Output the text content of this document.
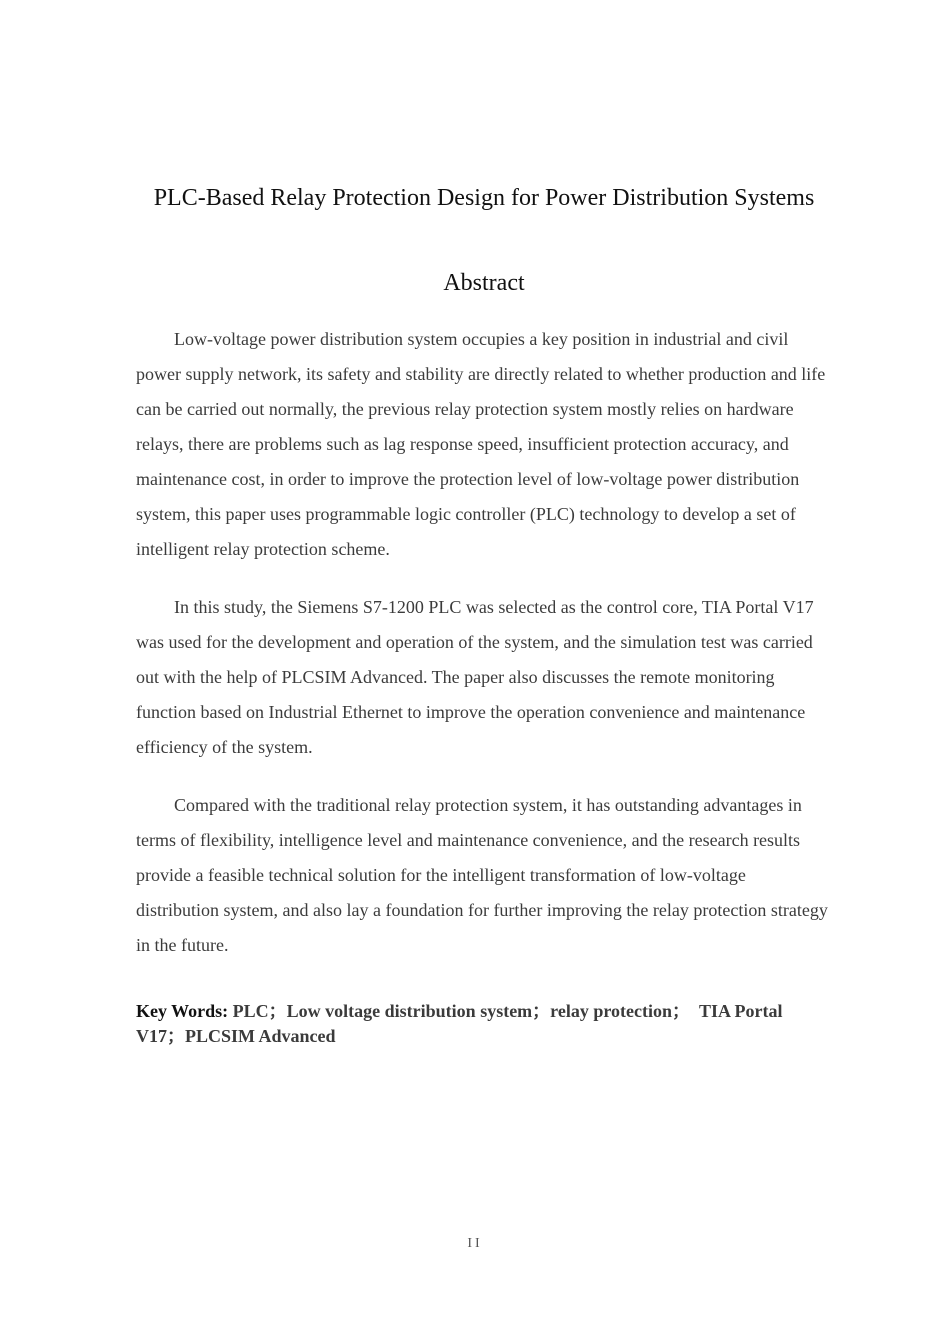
PLC-Based Relay Protection Design for Power Distribution Systems
Abstract

Low-voltage power distribution system occupies a key position in industrial and civil power supply network, its safety and stability are directly related to whether production and life can be carried out normally, the previous relay protection system mostly relies on hardware relays, there are problems such as lag response speed, insufficient protection accuracy, and maintenance cost, in order to improve the protection level of low-voltage power distribution system, this paper uses programmable logic controller (PLC) technology to develop a set of intelligent relay protection scheme.

In this study, the Siemens S7-1200 PLC was selected as the control core, TIA Portal V17 was used for the development and operation of the system, and the simulation test was carried out with the help of PLCSIM Advanced. The paper also discusses the remote monitoring function based on Industrial Ethernet to improve the operation convenience and maintenance efficiency of the system.

Compared with the traditional relay protection system, it has outstanding advantages in terms of flexibility, intelligence level and maintenance convenience, and the research results provide a feasible technical solution for the intelligent transformation of low-voltage distribution system, and also lay a foundation for further improving the relay protection strategy in the future.

Key Words: PLC；Low voltage distribution system；relay protection；　TIA Portal V17；PLCSIM Advanced

II
